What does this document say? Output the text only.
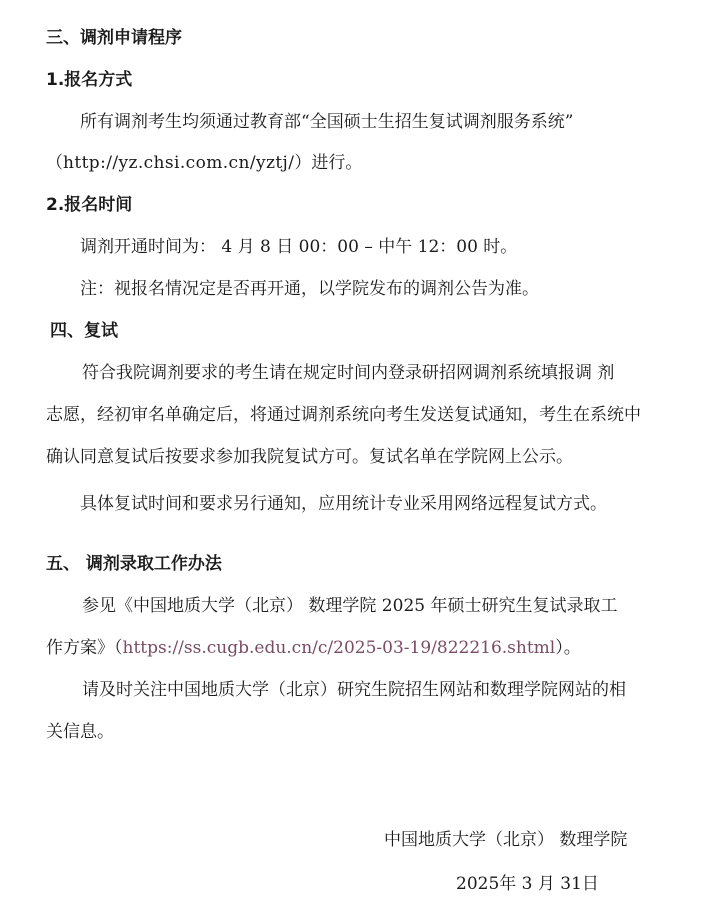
三、调剂申请程序
1.报名方式
所有调剂考生均须通过教育部“全国硕士生招生复试调剂服务系统”
（http://yz.chsi.com.cn/yztj/）进行。
2.报名时间
调剂开通时间为： 4 月 8 日 00：00 – 中午 12：00 时。
注：视报名情况定是否再开通，以学院发布的调剂公告为准。
四、复试
符合我院调剂要求的考生请在规定时间内登录研招网调剂系统填报调 剂
志愿，经初审名单确定后，将通过调剂系统向考生发送复试通知，考生在系统中
确认同意复试后按要求参加我院复试方可。复试名单在学院网上公示。
具体复试时间和要求另行通知，应用统计专业采用网络远程复试方式。
五、 调剂录取工作办法
参见《中国地质大学（北京） 数理学院 2025 年硕士研究生复试录取工
作方案》（https://ss.cugb.edu.cn/c/2025-03-19/822216.shtml）。
请及时关注中国地质大学（北京）研究生院招生网站和数理学院网站的相
关信息。
中国地质大学（北京） 数理学院
2025年 3 月 31日
